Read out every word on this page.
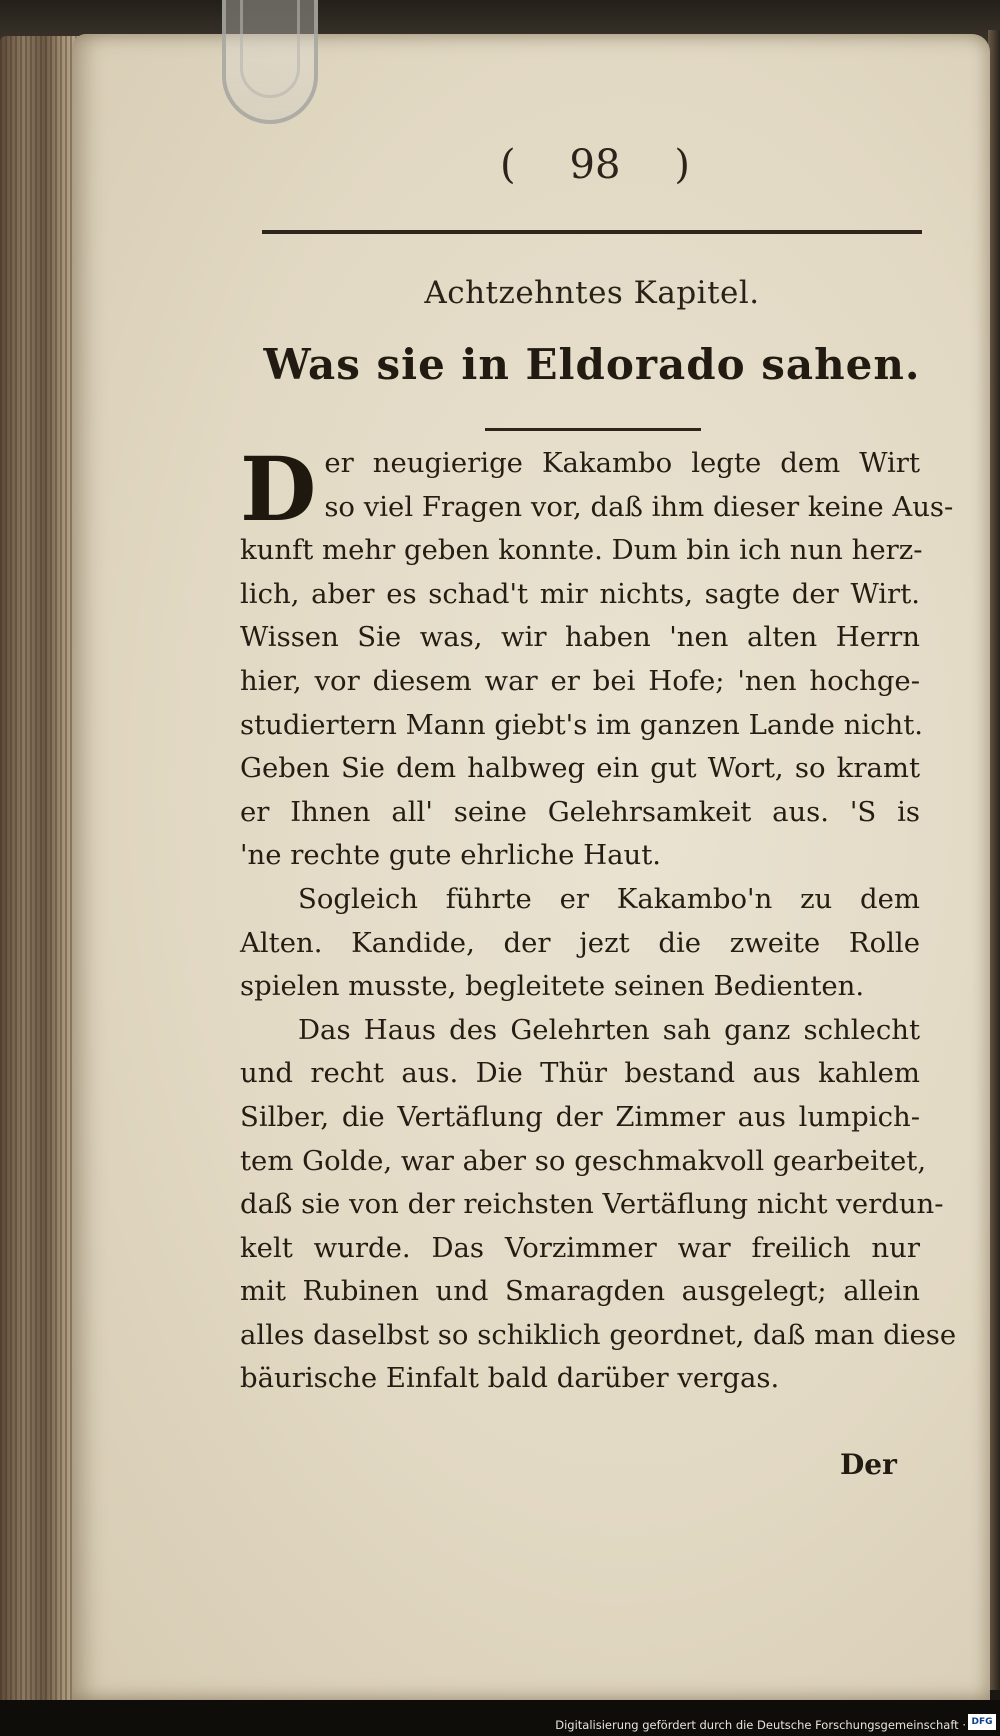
( 98 )
Achtzehntes Kapitel.
Was sie in Eldorado sahen.
D er neugierige Kakambo legte dem Wirt
so viel Fragen vor, daß ihm dieser keine Aus-
kunft mehr geben konnte. Dum bin ich nun herz-
lich, aber es schad't mir nichts, sagte der Wirt.
Wissen Sie was, wir haben 'nen alten Herrn
hier, vor diesem war er bei Hofe; 'nen hochge-
studiertern Mann giebt's im ganzen Lande nicht.
Geben Sie dem halbweg ein gut Wort, so kramt
er Ihnen all' seine Gelehrsamkeit aus. 'S is
'ne rechte gute ehrliche Haut.
Sogleich führte er Kakambo'n zu dem
Alten. Kandide, der jezt die zweite Rolle
spielen musste, begleitete seinen Bedienten.
Das Haus des Gelehrten sah ganz schlecht
und recht aus. Die Thür bestand aus kahlem
Silber, die Vertäflung der Zimmer aus lumpich-
tem Golde, war aber so geschmakvoll gearbeitet,
daß sie von der reichsten Vertäflung nicht verdun-
kelt wurde. Das Vorzimmer war freilich nur
mit Rubinen und Smaragden ausgelegt; allein
alles daselbst so schiklich geordnet, daß man diese
bäurische Einfalt bald darüber vergas.
Der
Digitalisierung gefördert durch die Deutsche Forschungsgemeinschaft · DFG
